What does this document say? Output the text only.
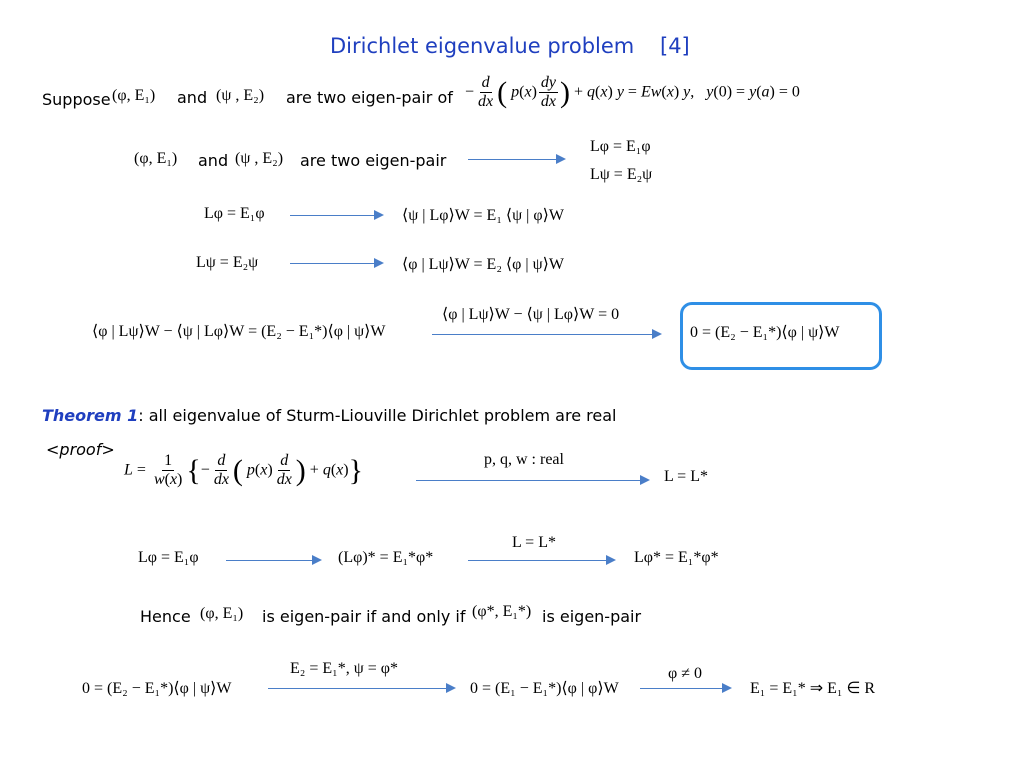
Dirichlet eigenvalue problem [4]
Suppose (φ, E₁) and (ψ , E₂) are two eigen-pair of − $\frac{d}{dx}$ ( $p(x) \frac{dy}{dx}$ ) + q(x) y = Ew(x) y,   y(0) = y(a) = 0
(φ, E₁) and (ψ , E₂) are two eigen-pair
Lφ = E₁φ
Lψ = E₂ψ
Lφ = E₁φ	⟨ψ | Lφ⟩W = E₁ ⟨ψ | φ⟩W
Lψ = E₂ψ	⟨φ | Lψ⟩W = E₂ ⟨φ | ψ⟩W
⟨φ | Lψ⟩W − ⟨ψ | Lφ⟩W = (E₂ − E₁*)⟨φ | ψ⟩W
⟨φ | Lψ⟩W − ⟨ψ | Lφ⟩W = 0
0 = (E₂ − E₁*)⟨φ | ψ⟩W
Theorem 1: all eigenvalue of Sturm-Liouville Dirichlet problem are real
<proof>
$L = \frac{1}{w(x)}$ {− $\frac{d}{dx}$ ( $p(x) \frac{d}{dx}$ ) + q(x)}	p, q, w : real
L = L*
Lφ = E₁φ	(Lφ)* = E₁*φ*
L = L*
Lφ* = E₁*φ*
Hence (φ, E₁) is eigen-pair if and only if (φ*, E₁*) is eigen-pair
0 = (E₂ − E₁*)⟨φ | ψ⟩W
E₂ = E₁*, ψ = φ*
0 = (E₁ − E₁*)⟨φ | φ⟩W
φ ≠ 0
E₁ = E₁* ⇒ E₁ ∈ R
